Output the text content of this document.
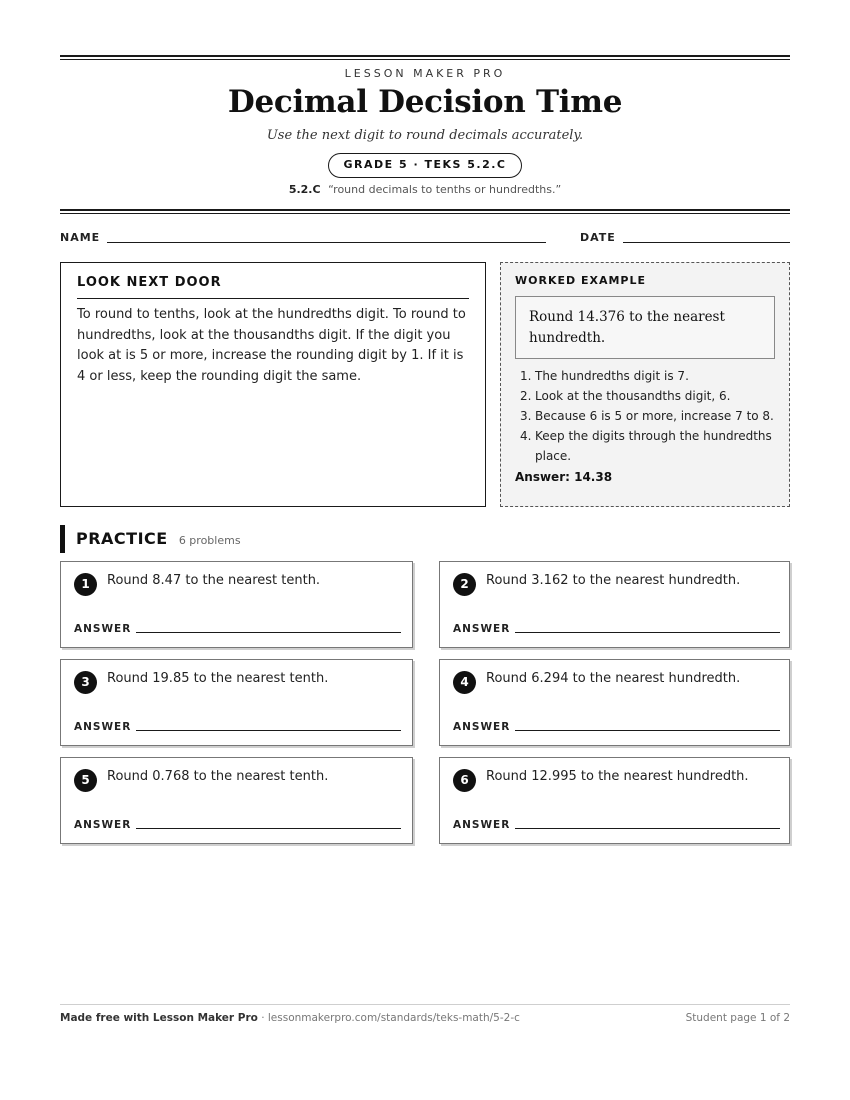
LESSON MAKER PRO
Decimal Decision Time
Use the next digit to round decimals accurately.
GRADE 5 · TEKS 5.2.C
5.2.C “round decimals to tenths or hundredths.”
NAME	DATE
LOOK NEXT DOOR
To round to tenths, look at the hundredths digit. To round to hundredths, look at the thousandths digit. If the digit you look at is 5 or more, increase the rounding digit by 1. If it is 4 or less, keep the rounding digit the same.
WORKED EXAMPLE
Round 14.376 to the nearest hundredth.
1. The hundredths digit is 7.
2. Look at the thousandths digit, 6.
3. Because 6 is 5 or more, increase 7 to 8.
4. Keep the digits through the hundredths place.
Answer: 14.38
PRACTICE 6 problems
1	Round 8.47 to the nearest tenth.
ANSWER
2	Round 3.162 to the nearest hundredth.
ANSWER
3	Round 19.85 to the nearest tenth.
ANSWER
4	Round 6.294 to the nearest hundredth.
ANSWER
5	Round 0.768 to the nearest tenth.
ANSWER
6	Round 12.995 to the nearest hundredth.
ANSWER
Made free with Lesson Maker Pro · lessonmakerpro.com/standards/teks-math/5-2-c	Student page 1 of 2
